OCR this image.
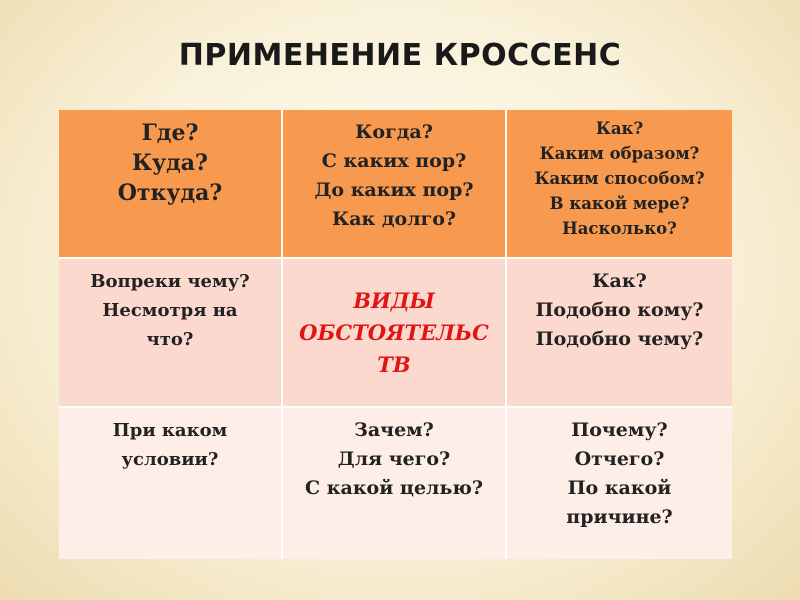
ПРИМЕНЕНИЕ КРОССЕНС
Где?
Куда?
Откуда?
Когда?
С каких пор?
До каких пор?
Как долго?
Как?
Каким образом?
Каким способом?
В какой мере?
Насколько?
Вопреки чему?
Несмотря на
что?
ВИДЫ
ОБСТОЯТЕЛЬС
ТВ
Как?
Подобно кому?
Подобно чему?
При каком
условии?
Зачем?
Для чего?
С какой целью?
Почему?
Отчего?
По какой
причине?
